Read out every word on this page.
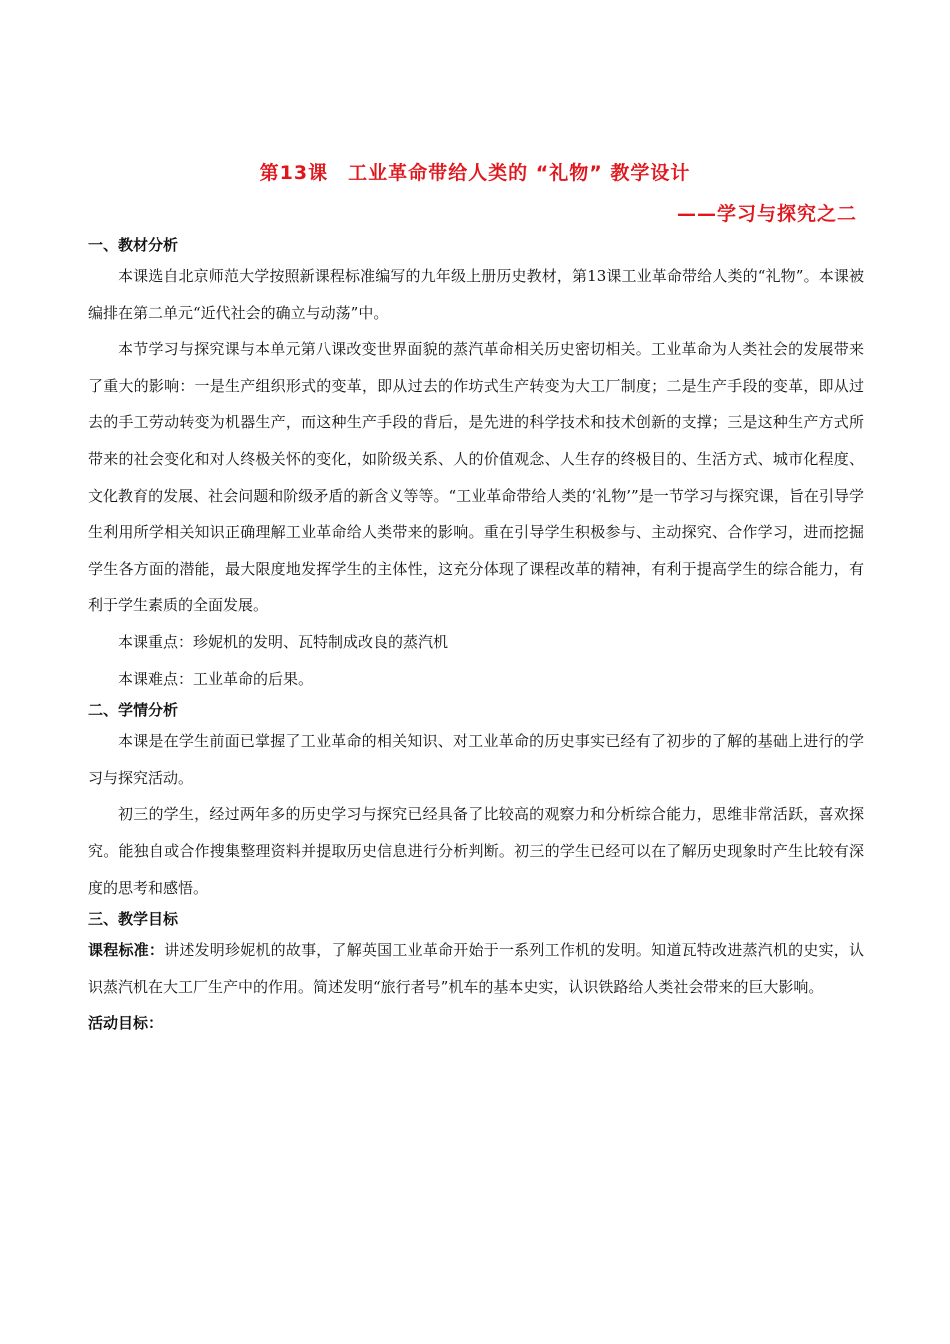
第13课　工业革命带给人类的 “礼物” 教学设计
——学习与探究之二
一、教材分析

本课选自北京师范大学按照新课程标准编写的九年级上册历史教材，第13课工业革命带给人类的“礼物”。本课被编排在第二单元“近代社会的确立与动荡”中。

本节学习与探究课与本单元第八课改变世界面貌的蒸汽革命相关历史密切相关。工业革命为人类社会的发展带来了重大的影响：一是生产组织形式的变革，即从过去的作坊式生产转变为大工厂制度；二是生产手段的变革，即从过去的手工劳动转变为机器生产，而这种生产手段的背后，是先进的科学技术和技术创新的支撑；三是这种生产方式所带来的社会变化和对人终极关怀的变化，如阶级关系、人的价值观念、人生存的终极目的、生活方式、城市化程度、文化教育的发展、社会问题和阶级矛盾的新含义等等。“工业革命带给人类的‘礼物’”是一节学习与探究课，旨在引导学生利用所学相关知识正确理解工业革命给人类带来的影响。重在引导学生积极参与、主动探究、合作学习，进而挖掘学生各方面的潜能，最大限度地发挥学生的主体性，这充分体现了课程改革的精神，有利于提高学生的综合能力，有利于学生素质的全面发展。

本课重点：珍妮机的发明、瓦特制成改良的蒸汽机

本课难点：工业革命的后果。

二、学情分析

本课是在学生前面已掌握了工业革命的相关知识、对工业革命的历史事实已经有了初步的了解的基础上进行的学习与探究活动。

初三的学生，经过两年多的历史学习与探究已经具备了比较高的观察力和分析综合能力，思维非常活跃，喜欢探究。能独自或合作搜集整理资料并提取历史信息进行分析判断。初三的学生已经可以在了解历史现象时产生比较有深度的思考和感悟。

三、教学目标

课程标准：讲述发明珍妮机的故事，了解英国工业革命开始于一系列工作机的发明。知道瓦特改进蒸汽机的史实，认识蒸汽机在大工厂生产中的作用。简述发明“旅行者号”机车的基本史实，认识铁路给人类社会带来的巨大影响。

活动目标：
